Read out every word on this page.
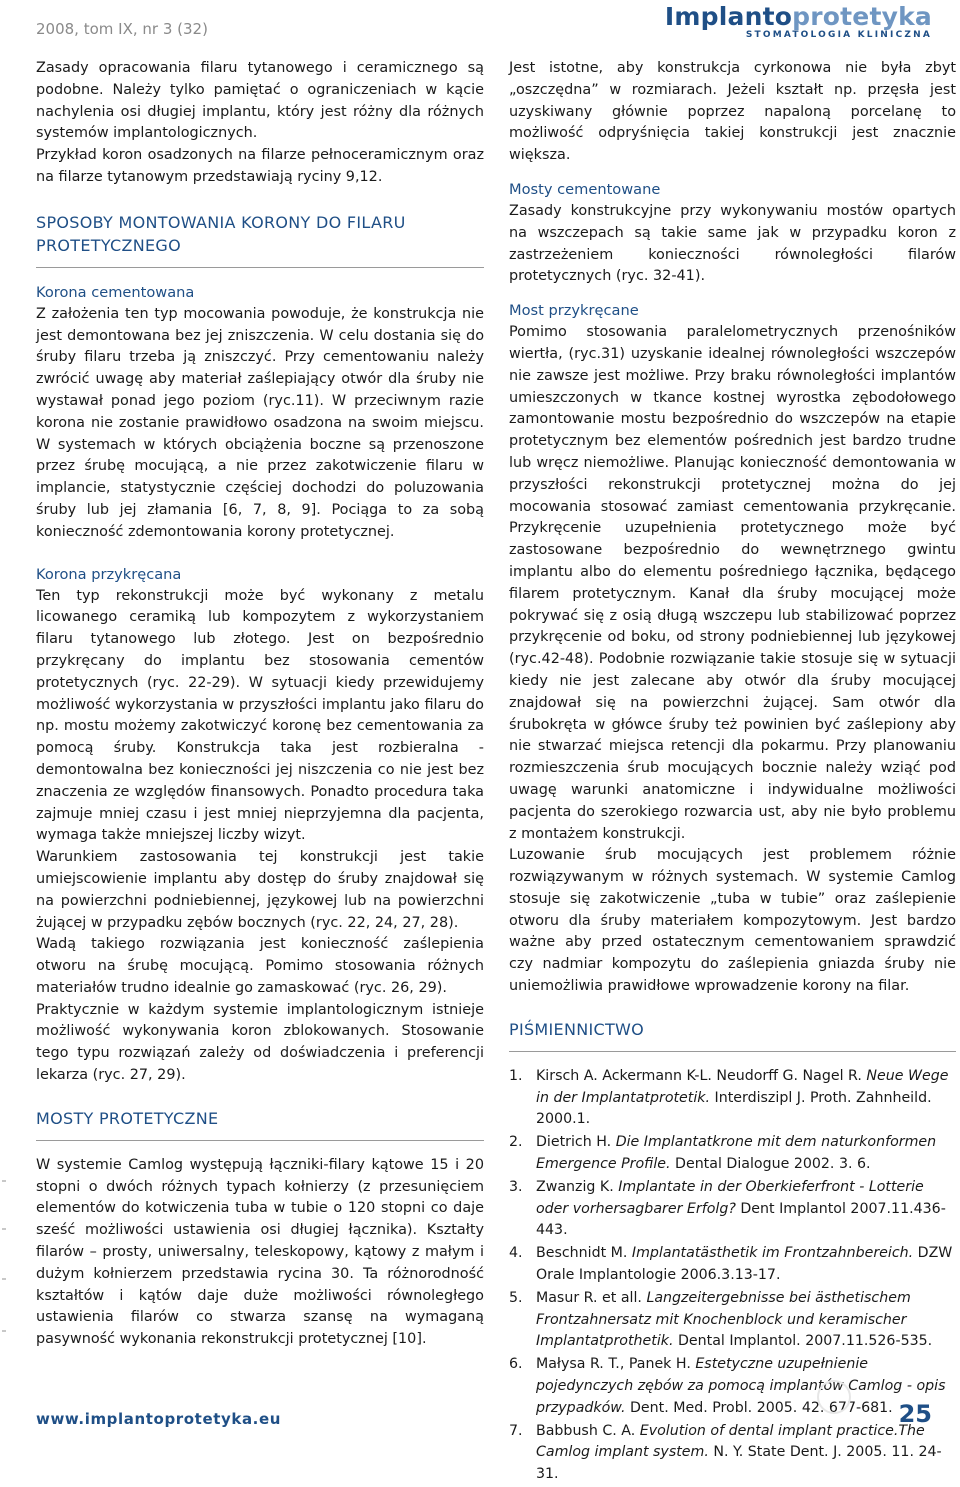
2008, tom IX, nr 3 (32)	Implantoprotetyka
STOMATOLOGIA KLINICZNA

Zasady opracowania filaru tytanowego i ceramicznego są podobne. Należy tylko pamiętać o ograniczeniach w kącie nachylenia osi długiej implantu, który jest różny dla różnych systemów implantologicznych.

Przykład koron osadzonych na filarze pełnoceramicznym oraz na filarze tytanowym przedstawiają ryciny 9,12.

SPOSOBY MONTOWANIA KORONY DO FILARU PROTETYCZNEGO
Korona cementowana

Z założenia ten typ mocowania powoduje, że konstrukcja nie jest demontowana bez jej zniszczenia. W celu dostania się do śruby filaru trzeba ją zniszczyć. Przy cementowaniu należy zwrócić uwagę aby materiał zaślepiający otwór dla śruby nie wystawał ponad jego poziom (ryc.11). W przeciwnym razie korona nie zostanie prawidłowo osadzona na swoim miejscu. W systemach w których obciążenia boczne są przenoszone przez śrubę mocującą, a nie przez zakotwiczenie filaru w implancie, statystycznie częściej dochodzi do poluzowania śruby lub jej złamania [6, 7, 8, 9]. Pociąga to za sobą konieczność zdemontowania korony protetycznej.

Korona przykręcana

Ten typ rekonstrukcji może być wykonany z metalu licowanego ceramiką lub kompozytem z wykorzystaniem filaru tytanowego lub złotego. Jest on bezpośrednio przykręcany do implantu bez stosowania cementów protetycznych (ryc. 22-29). W sytuacji kiedy przewidujemy możliwość wykorzystania w przyszłości implantu jako filaru do np. mostu możemy zakotwiczyć koronę bez cementowania za pomocą śruby. Konstrukcja taka jest rozbieralna - demontowalna bez konieczności jej niszczenia co nie jest bez znaczenia ze względów finansowych. Ponadto procedura taka zajmuje mniej czasu i jest mniej nieprzyjemna dla pacjenta, wymaga także mniejszej liczby wizyt.

Warunkiem zastosowania tej konstrukcji jest takie umiejscowienie implantu aby dostęp do śruby znajdował się na powierzchni podniebiennej, językowej lub na powierzchni żującej w przypadku zębów bocznych (ryc. 22, 24, 27, 28).

Wadą takiego rozwiązania jest konieczność zaślepienia otworu na śrubę mocującą. Pomimo stosowania różnych materiałów trudno idealnie go zamaskować (ryc. 26, 29).

Praktycznie w każdym systemie implantologicznym istnieje możliwość wykonywania koron zblokowanych. Stosowanie tego typu rozwiązań zależy od doświadczenia i preferencji lekarza (ryc. 27, 29).

MOSTY PROTETYCZNE

W systemie Camlog występują łączniki-filary kątowe 15 i 20 stopni o dwóch różnych typach kołnierzy (z przesunięciem elementów do kotwiczenia tuba w tubie o 120 stopni co daje sześć możliwości ustawienia osi długiej łącznika). Kształty filarów – prosty, uniwersalny, teleskopowy, kątowy z małym i dużym kołnierzem przedstawia rycina 30. Ta różnorodność kształtów i kątów daje duże możliwości równoległego ustawienia filarów co stwarza szansę na wymaganą pasywność wykonania rekonstrukcji protetycznej [10].

Jest istotne, aby konstrukcja cyrkonowa nie była zbyt „oszczędna” w rozmiarach. Jeżeli kształt np. przęsła jest uzyskiwany głównie poprzez napaloną porcelanę to możliwość odpryśnięcia takiej konstrukcji jest znacznie większa.

Mosty cementowane

Zasady konstrukcyjne przy wykonywaniu mostów opartych na wszczepach są takie same jak w przypadku koron z zastrzeżeniem konieczności równoległości filarów protetycznych (ryc. 32-41).

Most przykręcane

Pomimo stosowania paralelometrycznych przenośników wiertła, (ryc.31) uzyskanie idealnej równoległości wszczepów nie zawsze jest możliwe. Przy braku równoległości implantów umieszczonych w tkance kostnej wyrostka zębodołowego zamontowanie mostu bezpośrednio do wszczepów na etapie protetycznym bez elementów pośrednich jest bardzo trudne lub wręcz niemożliwe. Planując konieczność demontowania w przyszłości rekonstrukcji protetycznej można do jej mocowania stosować zamiast cementowania przykręcanie. Przykręcenie uzupełnienia protetycznego może być zastosowane bezpośrednio do wewnętrznego gwintu implantu albo do elementu pośredniego łącznika, będącego filarem protetycznym. Kanał dla śruby mocującej może pokrywać się z osią długą wszczepu lub stabilizować poprzez przykręcenie od boku, od strony podniebiennej lub językowej (ryc.42-48). Podobnie rozwiązanie takie stosuje się w sytuacji kiedy nie jest zalecane aby otwór dla śruby mocującej znajdował się na powierzchni żującej. Sam otwór dla śrubokręta w główce śruby też powinien być zaślepiony aby nie stwarzać miejsca retencji dla pokarmu. Przy planowaniu rozmieszczenia śrub mocujących bocznie należy wziąć pod uwagę warunki anatomiczne i indywidualne możliwości pacjenta do szerokiego rozwarcia ust, aby nie było problemu z montażem konstrukcji.

Luzowanie śrub mocujących jest problemem różnie rozwiązywanym w różnych systemach. W systemie Camlog stosuje się zakotwiczenie „tuba w tubie” oraz zaślepienie otworu dla śruby materiałem kompozytowym. Jest bardzo ważne aby przed ostatecznym cementowaniem sprawdzić czy nadmiar kompozytu do zaślepienia gniazda śruby nie uniemożliwia prawidłowe wprowadzenie korony na filar.

PIŚMIENNICTWO
1. Kirsch A. Ackermann K-L. Neudorff G. Nagel R. Neue Wege in der Implantatprotetik. Interdiszipl J. Proth. Zahnheild. 2000.1.
2. Dietrich H. Die Implantatkrone mit dem naturkonformen Emergence Profile. Dental Dialogue 2002. 3. 6.
3. Zwanzig K. Implantate in der Oberkieferfront - Lotterie oder vorhersagbarer Erfolg? Dent Implantol 2007.11.436-443.
4. Beschnidt M. Implantatästhetik im Frontzahnbereich. DZW Orale Implantologie 2006.3.13-17.
5. Masur R. et all. Langzeitergebnisse bei ästhetischem Frontzahnersatz mit Knochenblock und keramischer Implantatprothetik. Dental Implantol. 2007.11.526-535.
6. Małysa R. T., Panek H. Estetyczne uzupełnienie pojedynczych zębów za pomocą implantów Camlog - opis przypadków. Dent. Med. Probl. 2005. 42. 677-681.
7. Babbush C. A. Evolution of dental implant practice.The Camlog implant system. N. Y. State Dent. J. 2005. 11. 24-31.
www.implantoprotetyka.eu	25
